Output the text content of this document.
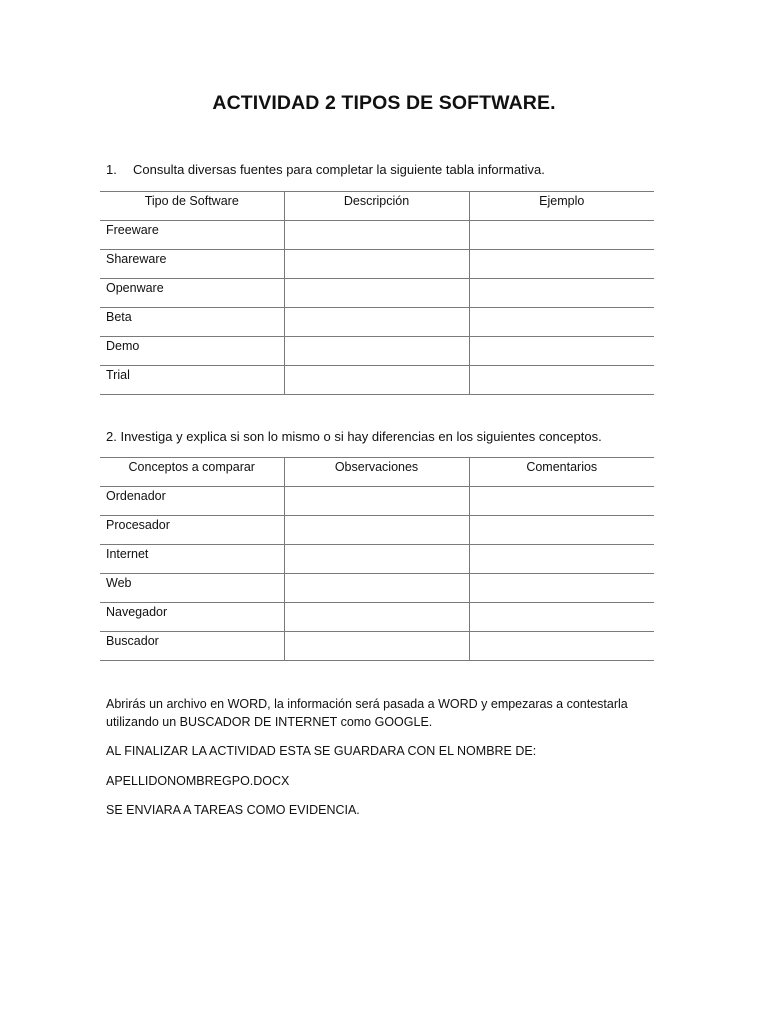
ACTIVIDAD 2 TIPOS DE SOFTWARE.
1. Consulta diversas fuentes para completar la siguiente tabla informativa.
Tipo de Software	Descripción	Ejemplo
Freeware		
Shareware		
Openware		
Beta		
Demo		
Trial		
2. Investiga y explica si son lo mismo o si hay diferencias en los siguientes conceptos.
Conceptos a comparar	Observaciones	Comentarios
Ordenador		
Procesador		
Internet		
Web		
Navegador		
Buscador		
Abrirás un archivo en WORD, la información será pasada a WORD y empezaras a contestarla utilizando un BUSCADOR DE INTERNET como GOOGLE.
AL FINALIZAR LA ACTIVIDAD ESTA SE GUARDARA CON EL NOMBRE DE:
APELLIDONOMBREGPO.DOCX
SE ENVIARA A TAREAS COMO EVIDENCIA.
